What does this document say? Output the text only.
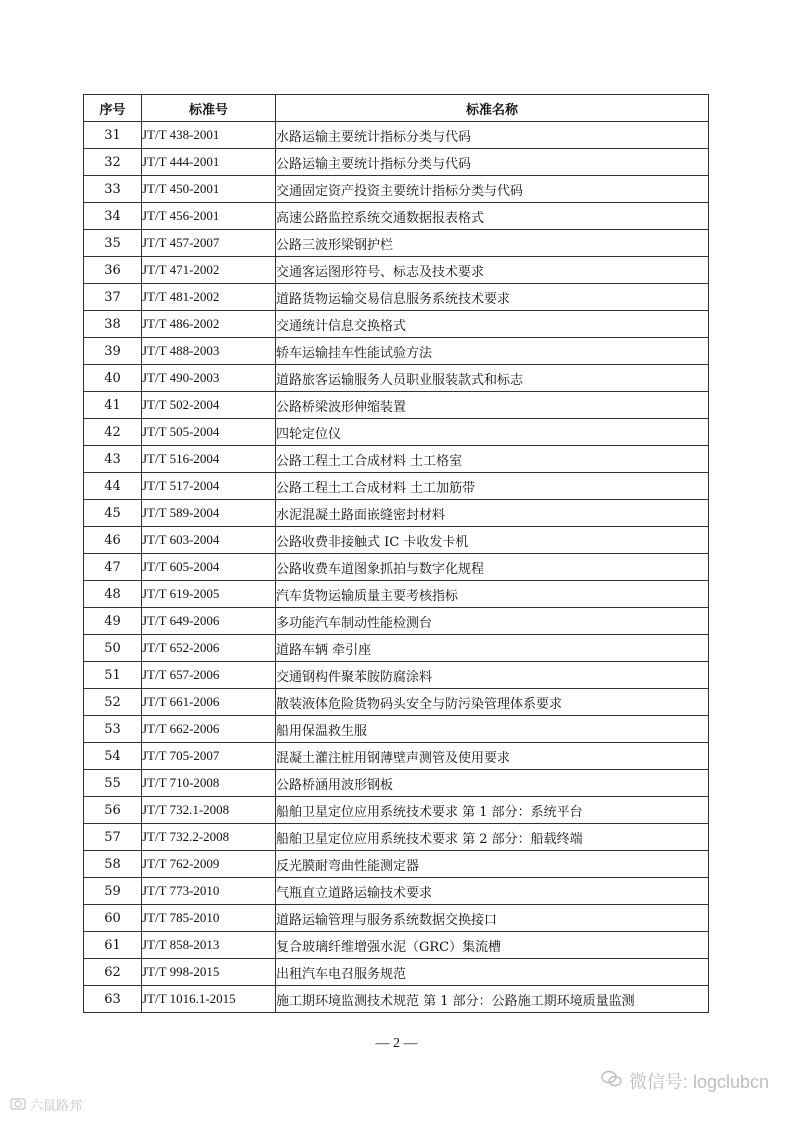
序号	标准号	标准名称
31	JT/T 438-2001	水路运输主要统计指标分类与代码
32	JT/T 444-2001	公路运输主要统计指标分类与代码
33	JT/T 450-2001	交通固定资产投资主要统计指标分类与代码
34	JT/T 456-2001	高速公路监控系统交通数据报表格式
35	JT/T 457-2007	公路三波形梁钢护栏
36	JT/T 471-2002	交通客运图形符号、标志及技术要求
37	JT/T 481-2002	道路货物运输交易信息服务系统技术要求
38	JT/T 486-2002	交通统计信息交换格式
39	JT/T 488-2003	轿车运输挂车性能试验方法
40	JT/T 490-2003	道路旅客运输服务人员职业服装款式和标志
41	JT/T 502-2004	公路桥梁波形伸缩装置
42	JT/T 505-2004	四轮定位仪
43	JT/T 516-2004	公路工程土工合成材料 土工格室
44	JT/T 517-2004	公路工程土工合成材料 土工加筋带
45	JT/T 589-2004	水泥混凝土路面嵌缝密封材料
46	JT/T 603-2004	公路收费非接触式 IC 卡收发卡机
47	JT/T 605-2004	公路收费车道图象抓拍与数字化规程
48	JT/T 619-2005	汽车货物运输质量主要考核指标
49	JT/T 649-2006	多功能汽车制动性能检测台
50	JT/T 652-2006	道路车辆 牵引座
51	JT/T 657-2006	交通钢构件聚苯胺防腐涂料
52	JT/T 661-2006	散装液体危险货物码头安全与防污染管理体系要求
53	JT/T 662-2006	船用保温救生服
54	JT/T 705-2007	混凝土灌注桩用钢薄壁声测管及使用要求
55	JT/T 710-2008	公路桥涵用波形钢板
56	JT/T 732.1-2008	船舶卫星定位应用系统技术要求 第 1 部分：系统平台
57	JT/T 732.2-2008	船舶卫星定位应用系统技术要求 第 2 部分：船载终端
58	JT/T 762-2009	反光膜耐弯曲性能测定器
59	JT/T 773-2010	气瓶直立道路运输技术要求
60	JT/T 785-2010	道路运输管理与服务系统数据交换接口
61	JT/T 858-2013	复合玻璃纤维增强水泥（GRC）集流槽
62	JT/T 998-2015	出租汽车电召服务规范
63	JT/T 1016.1-2015	施工期环境监测技术规范 第 1 部分：公路施工期环境质量监测
— 2 —
微信号: logclubcn
六鼠路邦
